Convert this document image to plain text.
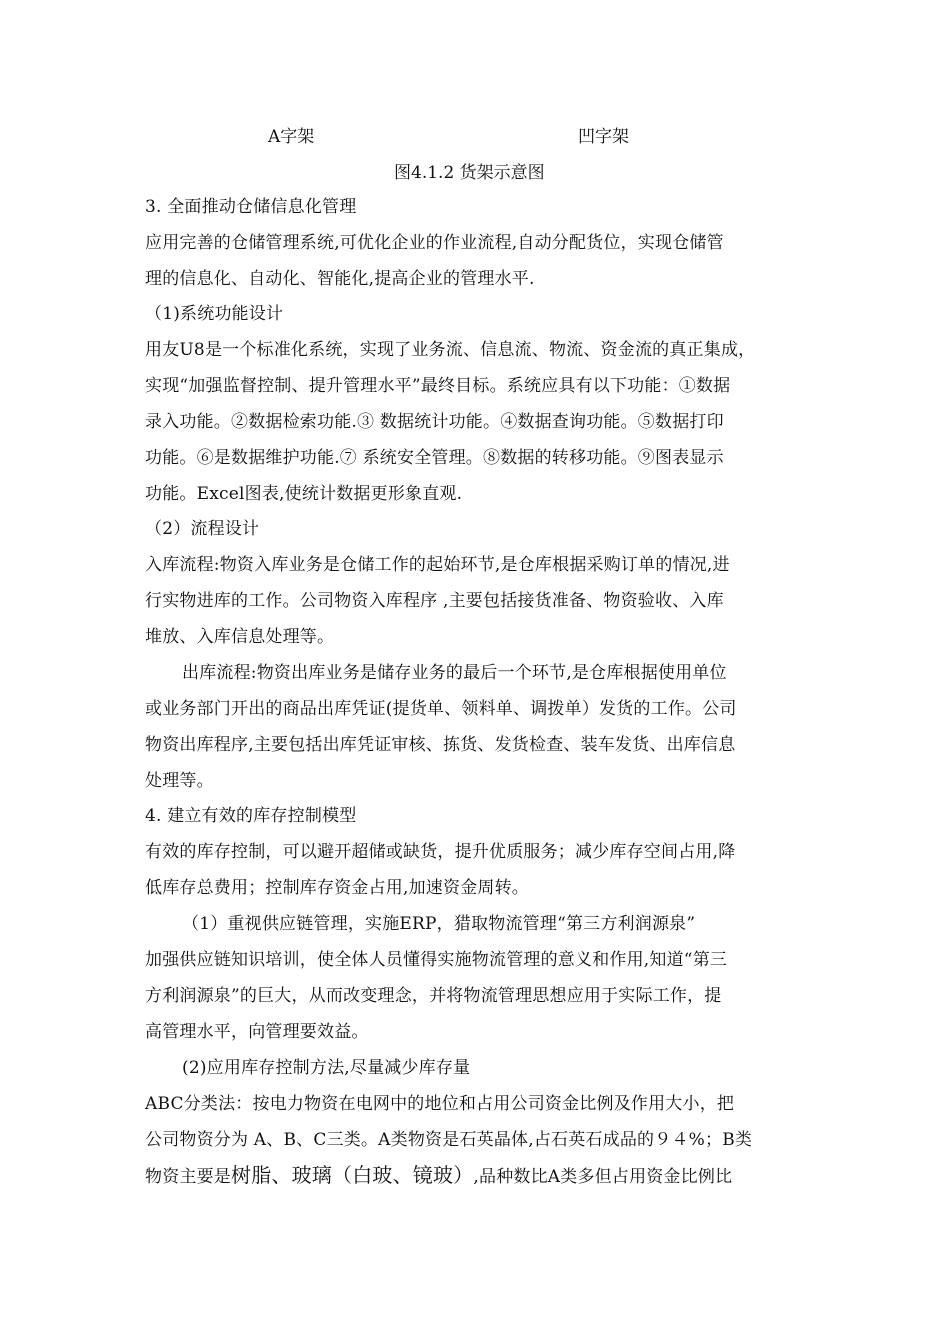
A字架	凹字架
图4.1.2 货架示意图
3. 全面推动仓储信息化管理
应用完善的仓储管理系统,可优化企业的作业流程,自动分配货位，实现仓储管
理的信息化、自动化、智能化,提高企业的管理水平.
（1)系统功能设计
用友U8是一个标准化系统，实现了业务流、信息流、物流、资金流的真正集成，
实现“加强监督控制、提升管理水平”最终目标。系统应具有以下功能：①数据
录入功能。②数据检索功能.③ 数据统计功能。④数据查询功能。⑤数据打印
功能。⑥是数据维护功能.⑦ 系统安全管理。⑧数据的转移功能。⑨图表显示
功能。Excel图表,使统计数据更形象直观.
（2）流程设计
入库流程:物资入库业务是仓储工作的起始环节,是仓库根据采购订单的情况,进
行实物进库的工作。公司物资入库程序 ,主要包括接货准备、物资验收、入库
堆放、入库信息处理等。
出库流程:物资出库业务是储存业务的最后一个环节,是仓库根据使用单位
或业务部门开出的商品出库凭证(提货单、领料单、调拨单）发货的工作。公司
物资出库程序,主要包括出库凭证审核、拣货、发货检查、装车发货、出库信息
处理等。
4. 建立有效的库存控制模型
有效的库存控制，可以避开超储或缺货，提升优质服务；减少库存空间占用,降
低库存总费用；控制库存资金占用,加速资金周转。
（1）重视供应链管理，实施ERP，猎取物流管理“第三方利润源泉”
加强供应链知识培训，使全体人员懂得实施物流管理的意义和作用,知道“第三
方利润源泉”的巨大，从而改变理念，并将物流管理思想应用于实际工作，提
高管理水平，向管理要效益。
(2)应用库存控制方法,尽量减少库存量
ABC分类法：按电力物资在电网中的地位和占用公司资金比例及作用大小，把
公司物资分为 A、B、C三类。A类物资是石英晶体,占石英石成品的９４%；B类
物资主要是树脂、玻璃（白玻、镜玻）,品种数比A类多但占用资金比例比
